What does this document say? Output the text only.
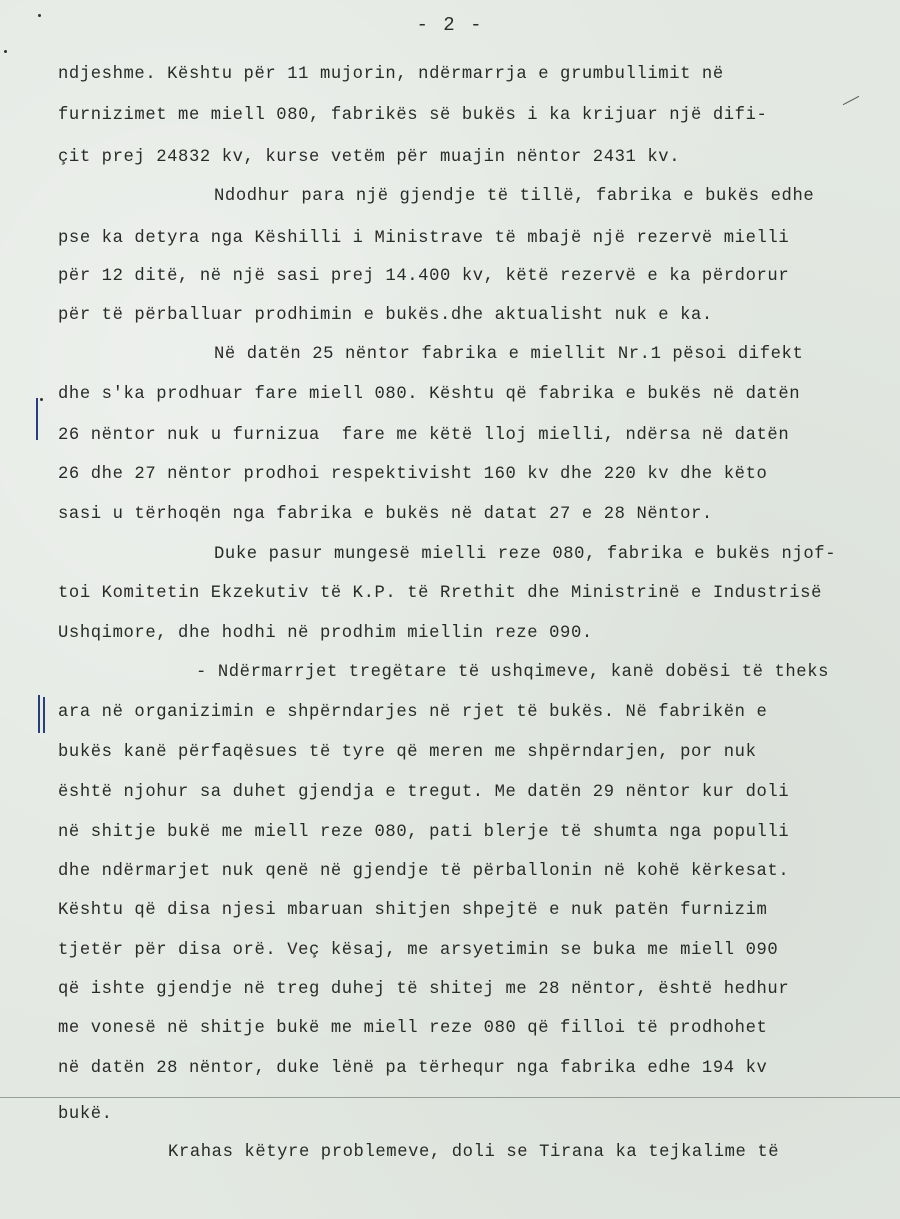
- 2 -
ndjeshme. Kështu për 11 mujorin, ndërmarrja e grumbullimit në
furnizimet me miell 080, fabrikës së bukës i ka krijuar një difi-
çit prej 24832 kv, kurse vetëm për muajin nëntor 2431 kv.
Ndodhur para një gjendje të tillë, fabrika e bukës edhe
pse ka detyra nga Këshilli i Ministrave të mbajë një rezervë mielli
për 12 ditë, në një sasi prej 14.400 kv, këtë rezervë e ka përdorur
për të përballuar prodhimin e bukës.dhe aktualisht nuk e ka.
Në datën 25 nëntor fabrika e miellit Nr.1 pësoi difekt
dhe s'ka prodhuar fare miell 080. Kështu që fabrika e bukës në datën
26 nëntor nuk u furnizua  fare me këtë lloj mielli, ndërsa në datën
26 dhe 27 nëntor prodhoi respektivisht 160 kv dhe 220 kv dhe këto
sasi u tërhoqën nga fabrika e bukës në datat 27 e 28 Nëntor.
Duke pasur mungesë mielli reze 080, fabrika e bukës njof-
toi Komitetin Ekzekutiv të K.P. të Rrethit dhe Ministrinë e Industrisë
Ushqimore, dhe hodhi në prodhim miellin reze 090.
- Ndërmarrjet tregëtare të ushqimeve, kanë dobësi të theks
ara në organizimin e shpërndarjes në rjet të bukës. Në fabrikën e
bukës kanë përfaqësues të tyre që meren me shpërndarjen, por nuk
është njohur sa duhet gjendja e tregut. Me datën 29 nëntor kur doli
në shitje bukë me miell reze 080, pati blerje të shumta nga populli
dhe ndërmarjet nuk qenë në gjendje të përballonin në kohë kërkesat.
Kështu që disa njesi mbaruan shitjen shpejtë e nuk patën furnizim
tjetër për disa orë. Veç kësaj, me arsyetimin se buka me miell 090
që ishte gjendje në treg duhej të shitej me 28 nëntor, është hedhur
me vonesë në shitje bukë me miell reze 080 që filloi të prodhohet
në datën 28 nëntor, duke lënë pa tërhequr nga fabrika edhe 194 kv
bukë.
Krahas këtyre problemeve, doli se Tirana ka tejkalime të
